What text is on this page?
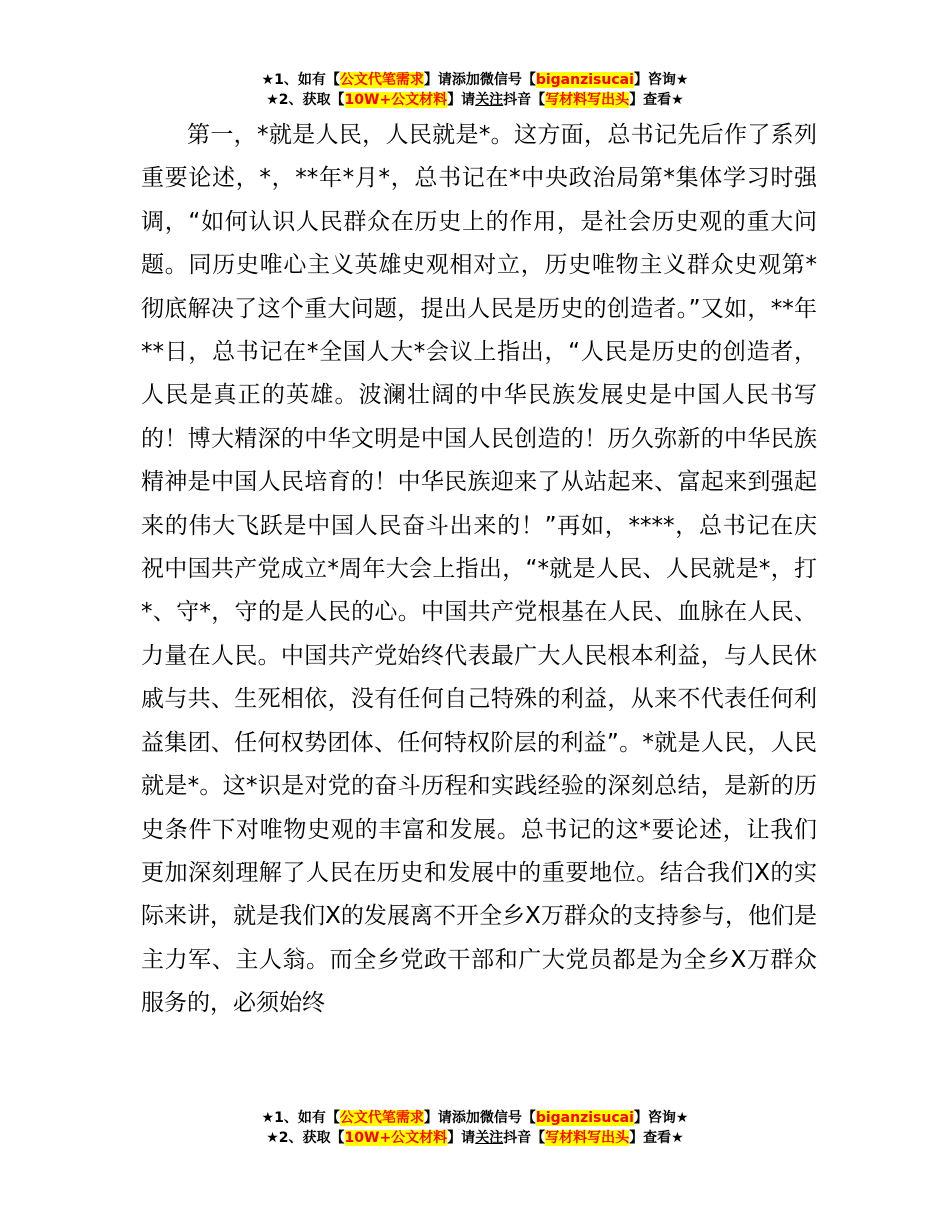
★1、如有【公文代笔需求】请添加微信号【biganzisucai】咨询★
★2、获取【10W+公文材料】请关注抖音【写材料写出头】查看★

第一，*就是人民，人民就是*。这方面，总书记先后作了系列重要论述，*，**年*月*，总书记在*中央政治局第*集体学习时强调，“如何认识人民群众在历史上的作用，是社会历史观的重大问题。同历史唯心主义英雄史观相对立，历史唯物主义群众史观第*彻底解决了这个重大问题，提出人民是历史的创造者。”又如，**年**日，总书记在*全国人大*会议上指出，“人民是历史的创造者，人民是真正的英雄。波澜壮阔的中华民族发展史是中国人民书写的！博大精深的中华文明是中国人民创造的！历久弥新的中华民族精神是中国人民培育的！中华民族迎来了从站起来、富起来到强起来的伟大飞跃是中国人民奋斗出来的！”再如，****，总书记在庆祝中国共产党成立*周年大会上指出，“*就是人民、人民就是*，打*、守*，守的是人民的心。中国共产党根基在人民、血脉在人民、力量在人民。中国共产党始终代表最广大人民根本利益，与人民休戚与共、生死相依，没有任何自己特殊的利益，从来不代表任何利益集团、任何权势团体、任何特权阶层的利益”。*就是人民，人民就是*。这*识是对党的奋斗历程和实践经验的深刻总结，是新的历史条件下对唯物史观的丰富和发展。总书记的这*要论述，让我们更加深刻理解了人民在历史和发展中的重要地位。结合我们X的实际来讲，就是我们X的发展离不开全乡X万群众的支持参与，他们是主力军、主人翁。而全乡党政干部和广大党员都是为全乡X万群众服务的，必须始终

★1、如有【公文代笔需求】请添加微信号【biganzisucai】咨询★
★2、获取【10W+公文材料】请关注抖音【写材料写出头】查看★
